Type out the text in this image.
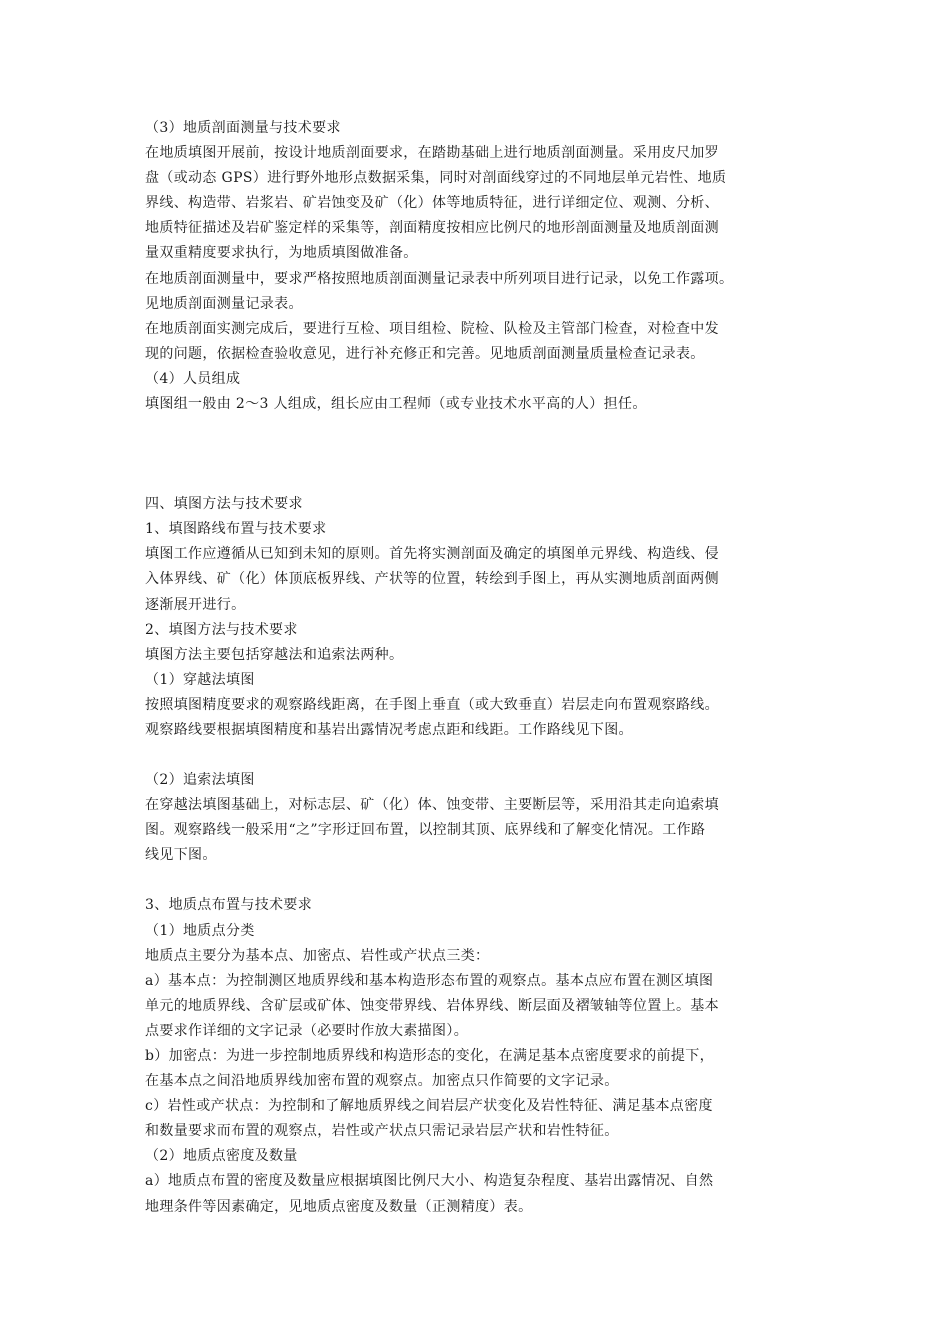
（3）地质剖面测量与技术要求
在地质填图开展前，按设计地质剖面要求，在踏勘基础上进行地质剖面测量。采用皮尺加罗
盘（或动态 GPS）进行野外地形点数据采集，同时对剖面线穿过的不同地层单元岩性、地质
界线、构造带、岩浆岩、矿岩蚀变及矿（化）体等地质特征，进行详细定位、观测、分析、
地质特征描述及岩矿鉴定样的采集等，剖面精度按相应比例尺的地形剖面测量及地质剖面测
量双重精度要求执行，为地质填图做准备。
在地质剖面测量中，要求严格按照地质剖面测量记录表中所列项目进行记录，以免工作露项。
见地质剖面测量记录表。
在地质剖面实测完成后，要进行互检、项目组检、院检、队检及主管部门检查，对检查中发
现的问题，依据检查验收意见，进行补充修正和完善。见地质剖面测量质量检查记录表。
（4）人员组成
填图组一般由 2～3 人组成，组长应由工程师（或专业技术水平高的人）担任。
四、填图方法与技术要求
1、填图路线布置与技术要求
填图工作应遵循从已知到未知的原则。首先将实测剖面及确定的填图单元界线、构造线、侵
入体界线、矿（化）体顶底板界线、产状等的位置，转绘到手图上，再从实测地质剖面两侧
逐渐展开进行。
2、填图方法与技术要求
填图方法主要包括穿越法和追索法两种。
（1）穿越法填图
按照填图精度要求的观察路线距离，在手图上垂直（或大致垂直）岩层走向布置观察路线。
观察路线要根据填图精度和基岩出露情况考虑点距和线距。工作路线见下图。
（2）追索法填图
在穿越法填图基础上，对标志层、矿（化）体、蚀变带、主要断层等，采用沿其走向追索填
图。观察路线一般采用“之”字形迂回布置，以控制其顶、底界线和了解变化情况。工作路
线见下图。
3、地质点布置与技术要求
（1）地质点分类
地质点主要分为基本点、加密点、岩性或产状点三类：
a）基本点：为控制测区地质界线和基本构造形态布置的观察点。基本点应布置在测区填图
单元的地质界线、含矿层或矿体、蚀变带界线、岩体界线、断层面及褶皱轴等位置上。基本
点要求作详细的文字记录（必要时作放大素描图）。
b）加密点：为进一步控制地质界线和构造形态的变化，在满足基本点密度要求的前提下，
在基本点之间沿地质界线加密布置的观察点。加密点只作简要的文字记录。
c）岩性或产状点：为控制和了解地质界线之间岩层产状变化及岩性特征、满足基本点密度
和数量要求而布置的观察点，岩性或产状点只需记录岩层产状和岩性特征。
（2）地质点密度及数量
a）地质点布置的密度及数量应根据填图比例尺大小、构造复杂程度、基岩出露情况、自然
地理条件等因素确定，见地质点密度及数量（正测精度）表。
